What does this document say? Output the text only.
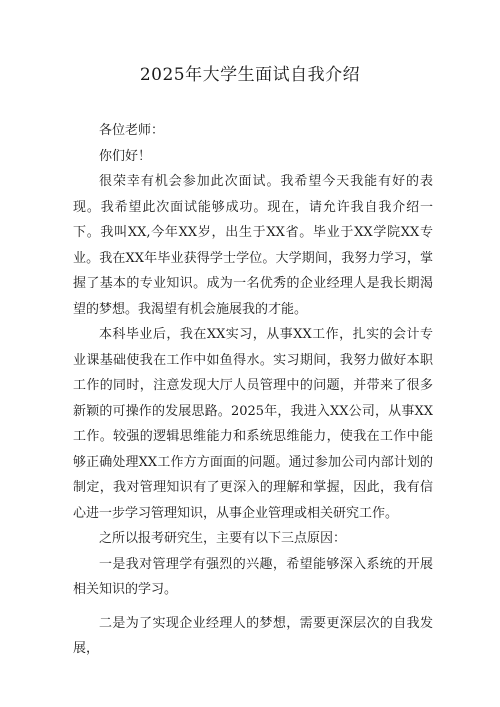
2025年大学生面试自我介绍

各位老师：

你们好！

很荣幸有机会参加此次面试。我希望今天我能有好的表现。我希望此次面试能够成功。现在，请允许我自我介绍一下。我叫XX,今年XX岁，出生于XX省。毕业于XX学院XX专业。我在XX年毕业获得学士学位。大学期间，我努力学习，掌握了基本的专业知识。成为一名优秀的企业经理人是我长期渴望的梦想。我渴望有机会施展我的才能。

本科毕业后，我在XX实习，从事XX工作，扎实的会计专业课基础使我在工作中如鱼得水。实习期间，我努力做好本职工作的同时，注意发现大厅人员管理中的问题，并带来了很多新颖的可操作的发展思路。2025年，我进入XX公司，从事XX工作。较强的逻辑思维能力和系统思维能力，使我在工作中能够正确处理XX工作方方面面的问题。通过参加公司内部计划的制定，我对管理知识有了更深入的理解和掌握，因此，我有信心进一步学习管理知识，从事企业管理或相关研究工作。

之所以报考研究生，主要有以下三点原因：

一是我对管理学有强烈的兴趣，希望能够深入系统的开展相关知识的学习。

二是为了实现企业经理人的梦想，需要更深层次的自我发展，
